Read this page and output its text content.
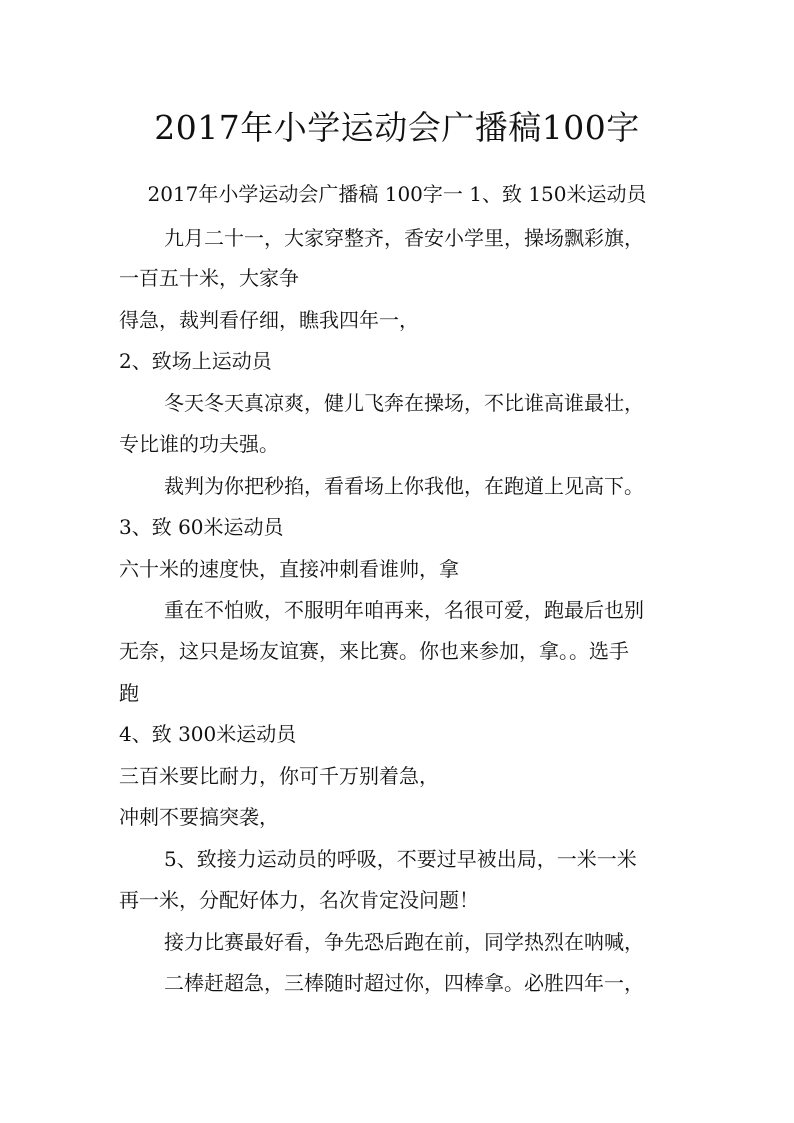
2017年小学运动会广播稿100字
2017年小学运动会广播稿 100字一 1、致 150米运动员
九月二十一，大家穿整齐，香安小学里，操场飘彩旗，
一百五十米，大家争
得急，裁判看仔细，瞧我四年一，
2、致场上运动员
冬天冬天真凉爽，健儿飞奔在操场，不比谁高谁最壮，
专比谁的功夫强。
裁判为你把秒掐，看看场上你我他，在跑道上见高下。
3、致 60米运动员
六十米的速度快，直接冲刺看谁帅，拿
重在不怕败，不服明年咱再来，名很可爱，跑最后也别
无奈，这只是场友谊赛，来比赛。你也来参加，拿。。选手
跑
4、致 300米运动员
三百米要比耐力，你可千万别着急，
冲刺不要搞突袭，
5、致接力运动员的呼吸，不要过早被出局，一米一米
再一米，分配好体力，名次肯定没问题！
接力比赛最好看，争先恐后跑在前，同学热烈在呐喊，
二棒赶超急，三棒随时超过你，四棒拿。必胜四年一，
